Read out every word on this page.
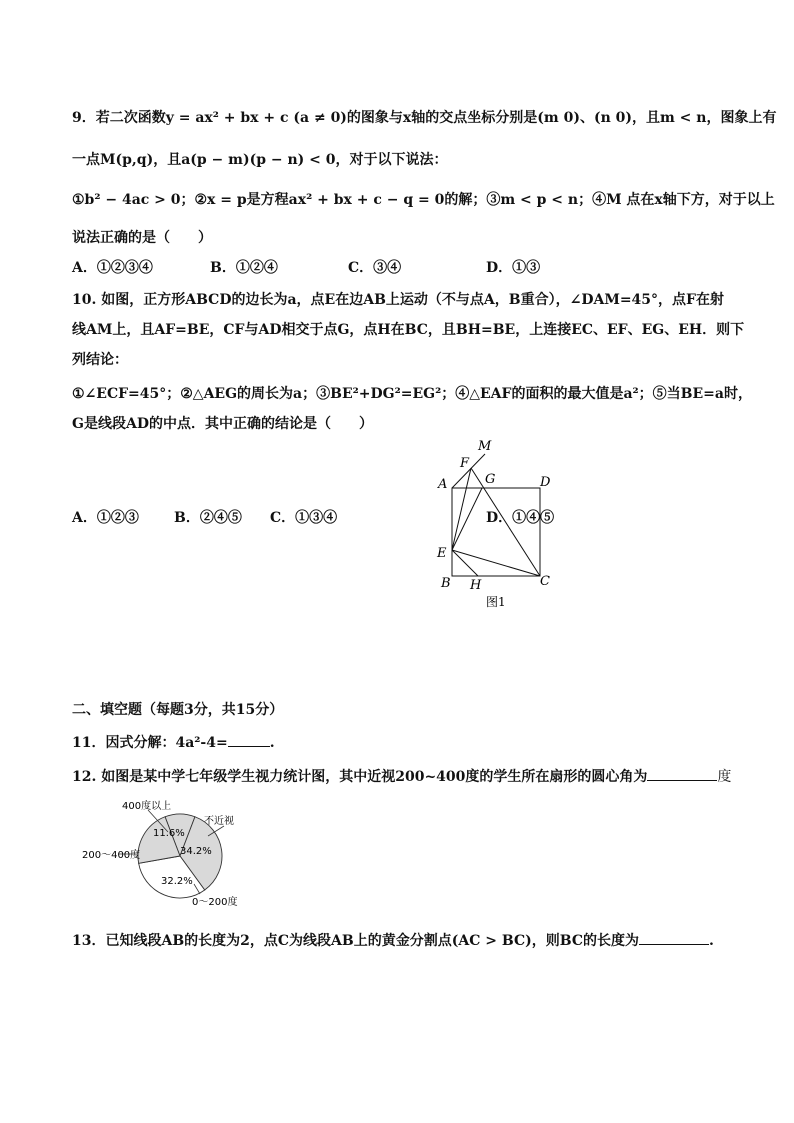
9．若二次函数y = ax² + bx + c (a ≠ 0)的图象与x轴的交点坐标分别是(m 0)、(n 0)，且m < n，图象上有
一点M(p,q)，且a(p − m)(p − n) < 0，对于以下说法：
①b² − 4ac > 0；②x = p是方程ax² + bx + c − q = 0的解；③m < p < n；④M 点在x轴下方，对于以上
说法正确的是（　　）
A．①②③④	B．①②④	C．③④	D．①③
10. 如图，正方形ABCD的边长为a，点E在边AB上运动（不与点A，B重合），∠DAM=45°，点F在射
线AM上，且AF=BE，CF与AD相交于点G，点H在BC，且BH=BE，上连接EC、EF、EG、EH．则下
列结论：
①∠ECF=45°；②△AEG的周长为a；③BE²+DG²=EG²；④△EAF的面积的最大值是a²；⑤当BE=a时，
G是线段AD的中点．其中正确的结论是（　　）
A．①②③	B．②④⑤ C．①③④	D．①④⑤
M
F
G
A	D
E
B H	C
图1
二、填空题（每题3分，共15分）
11．因式分解：4a²-4=	.
12. 如图是某中学七年级学生视力统计图，其中近视200~400度的学生所在扇形的圆心角为	度
400度以上
不近视
0～200度
200～400度
11.6%
34.2%
32.2%
13．已知线段AB的长度为2，点C为线段AB上的黄金分割点(AC > BC)，则BC的长度为	.
